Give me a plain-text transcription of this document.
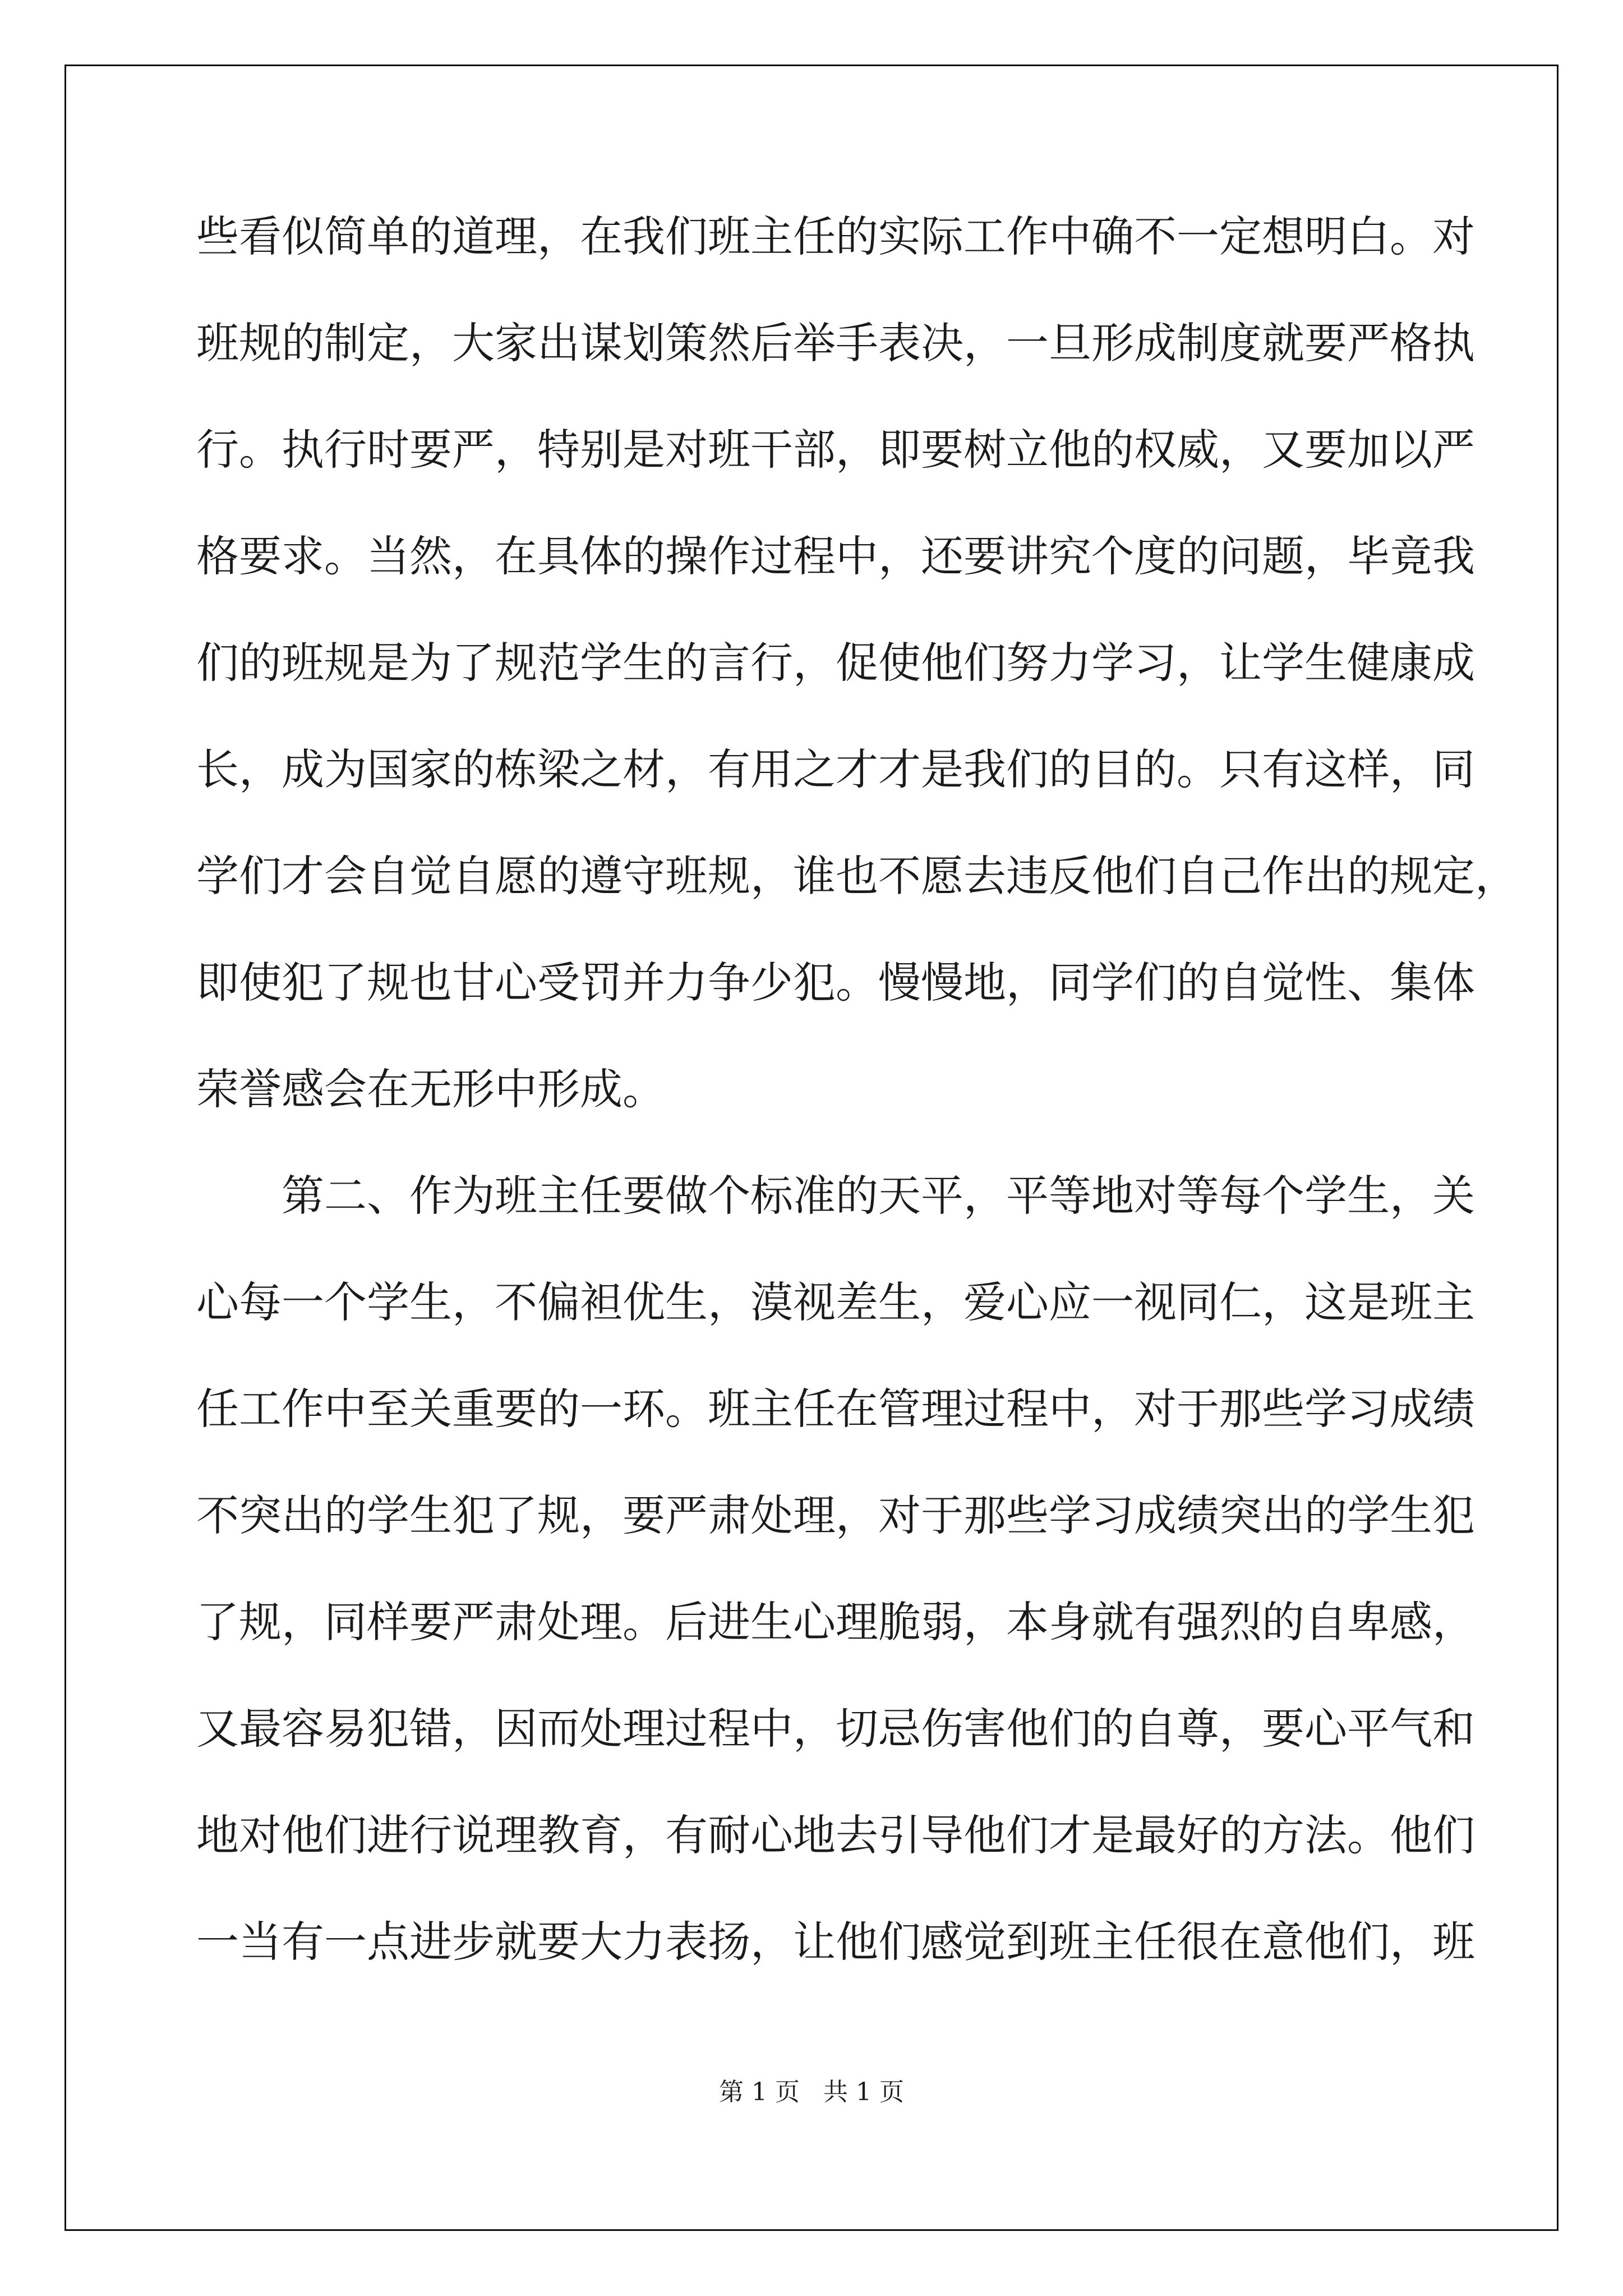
些看似简单的道理，在我们班主任的实际工作中确不一定想明白。对
班规的制定，大家出谋划策然后举手表决，一旦形成制度就要严格执
行。执行时要严，特别是对班干部，即要树立他的权威，又要加以严
格要求。当然，在具体的操作过程中，还要讲究个度的问题，毕竟我
们的班规是为了规范学生的言行，促使他们努力学习，让学生健康成
长，成为国家的栋梁之材，有用之才才是我们的目的。只有这样，同
学们才会自觉自愿的遵守班规，谁也不愿去违反他们自己作出的规定，
即使犯了规也甘心受罚并力争少犯。慢慢地，同学们的自觉性、集体
荣誉感会在无形中形成。
　　第二、作为班主任要做个标准的天平，平等地对等每个学生，关
心每一个学生，不偏袒优生，漠视差生，爱心应一视同仁，这是班主
任工作中至关重要的一环。班主任在管理过程中，对于那些学习成绩
不突出的学生犯了规，要严肃处理，对于那些学习成绩突出的学生犯
了规，同样要严肃处理。后进生心理脆弱，本身就有强烈的自卑感，
又最容易犯错，因而处理过程中，切忌伤害他们的自尊，要心平气和
地对他们进行说理教育，有耐心地去引导他们才是最好的方法。他们
一当有一点进步就要大力表扬，让他们感觉到班主任很在意他们，班
第 1 页   共 1 页
